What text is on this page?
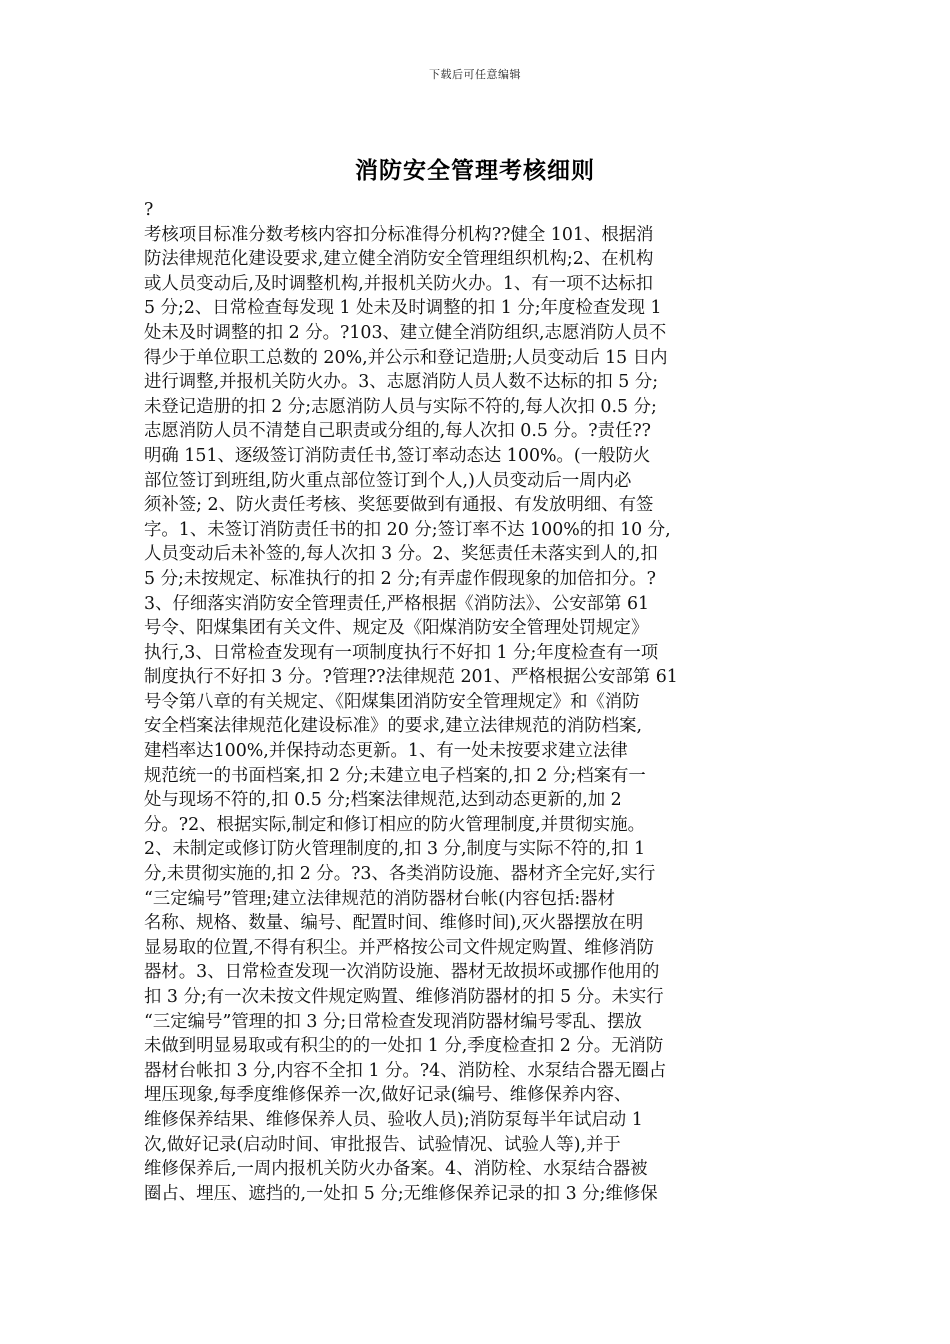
下载后可任意编辑
消防安全管理考核细则
?
考核项目标准分数考核内容扣分标准得分机构??健全 101、根据消
防法律规范化建设要求,建立健全消防安全管理组织机构;2、在机构
或人员变动后,及时调整机构,并报机关防火办。1、有一项不达标扣
5 分;2、日常检查每发现 1 处未及时调整的扣 1 分;年度检查发现 1
处未及时调整的扣 2 分。?103、建立健全消防组织,志愿消防人员不
得少于单位职工总数的 20%,并公示和登记造册;人员变动后 15 日内
进行调整,并报机关防火办。3、志愿消防人员人数不达标的扣 5 分;
未登记造册的扣 2 分;志愿消防人员与实际不符的,每人次扣 0.5 分;
志愿消防人员不清楚自己职责或分组的,每人次扣 0.5 分。?责任??
明确 151、逐级签订消防责任书,签订率动态达 100%。(一般防火
部位签订到班组,防火重点部位签订到个人,)人员变动后一周内必
须补签; 2、防火责任考核、奖惩要做到有通报、有发放明细、有签
字。1、未签订消防责任书的扣 20 分;签订率不达 100%的扣 10 分,
人员变动后未补签的,每人次扣 3 分。2、奖惩责任未落实到人的,扣
5 分;未按规定、标准执行的扣 2 分;有弄虚作假现象的加倍扣分。?
3、仔细落实消防安全管理责任,严格根据《消防法》、公安部第 61
号令、阳煤集团有关文件、规定及《阳煤消防安全管理处罚规定》
执行,3、日常检查发现有一项制度执行不好扣 1 分;年度检查有一项
制度执行不好扣 3 分。?管理??法律规范 201、严格根据公安部第 61
号令第八章的有关规定、《阳煤集团消防安全管理规定》和《消防
安全档案法律规范化建设标准》的要求,建立法律规范的消防档案,
建档率达100%,并保持动态更新。1、有一处未按要求建立法律
规范统一的书面档案,扣 2 分;未建立电子档案的,扣 2 分;档案有一
处与现场不符的,扣 0.5 分;档案法律规范,达到动态更新的,加 2
分。?2、根据实际,制定和修订相应的防火管理制度,并贯彻实施。
2、未制定或修订防火管理制度的,扣 3 分,制度与实际不符的,扣 1
分,未贯彻实施的,扣 2 分。?3、各类消防设施、器材齐全完好,实行
“三定编号”管理;建立法律规范的消防器材台帐(内容包括:器材
名称、规格、数量、编号、配置时间、维修时间),灭火器摆放在明
显易取的位置,不得有积尘。并严格按公司文件规定购置、维修消防
器材。3、日常检查发现一次消防设施、器材无故损坏或挪作他用的
扣 3 分;有一次未按文件规定购置、维修消防器材的扣 5 分。未实行
“三定编号”管理的扣 3 分;日常检查发现消防器材编号零乱、摆放
未做到明显易取或有积尘的的一处扣 1 分,季度检查扣 2 分。无消防
器材台帐扣 3 分,内容不全扣 1 分。?4、消防栓、水泵结合器无圈占
埋压现象,每季度维修保养一次,做好记录(编号、维修保养内容、
维修保养结果、维修保养人员、验收人员);消防泵每半年试启动 1
次,做好记录(启动时间、审批报告、试验情况、试验人等),并于
维修保养后,一周内报机关防火办备案。4、消防栓、水泵结合器被
圈占、埋压、遮挡的,一处扣 5 分;无维修保养记录的扣 3 分;维修保
